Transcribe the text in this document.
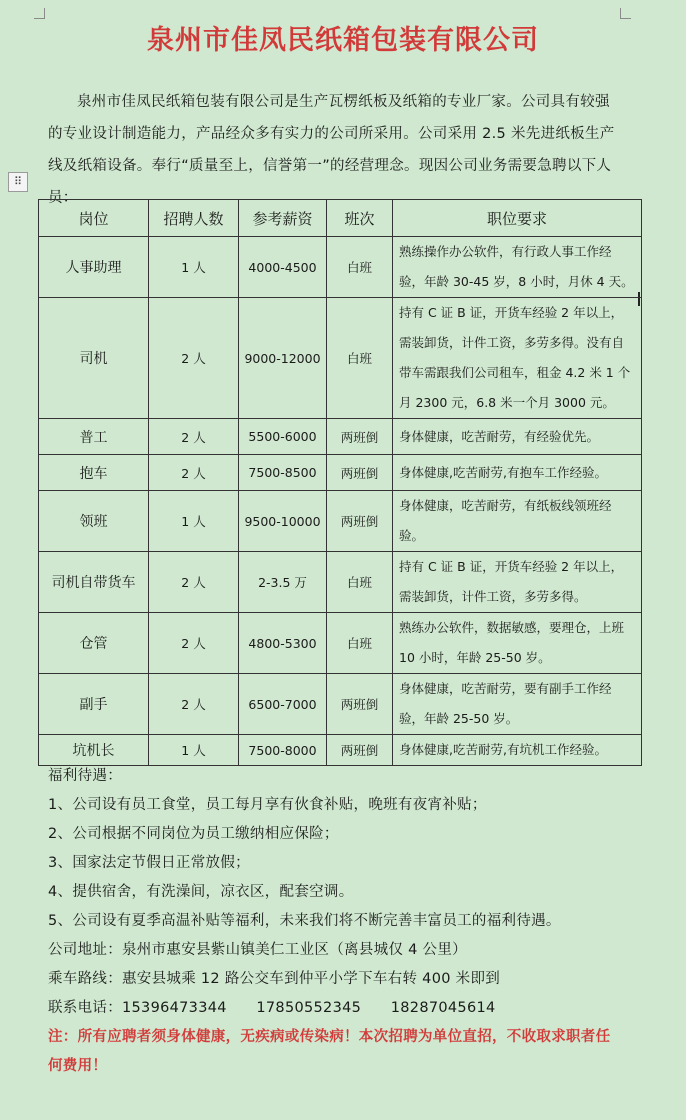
泉州市佳凤民纸箱包装有限公司

泉州市佳凤民纸箱包装有限公司是生产瓦楞纸板及纸箱的专业厂家。公司具有较强的专业设计制造能力，产品经众多有实力的公司所采用。公司采用 2.5 米先进纸板生产线及纸箱设备。奉行“质量至上，信誉第一”的经营理念。现因公司业务需要急聘以下人员：

⠿
岗位	招聘人数	参考薪资	班次	职位要求
人事助理	1 人	4000-4500	白班	熟练操作办公软件，有行政人事工作经验，年龄 30-45 岁，8 小时，月休 4 天。
司机	2 人	9000-12000	白班	持有 C 证 B 证，开货车经验 2 年以上，需装卸货，计件工资，多劳多得。没有自带车需跟我们公司租车，租金 4.2 米 1 个月 2300 元，6.8 米一个月 3000 元。
普工	2 人	5500-6000	两班倒	身体健康，吃苦耐劳，有经验优先。
抱车	2 人	7500-8500	两班倒	身体健康,吃苦耐劳,有抱车工作经验。
领班	1 人	9500-10000	两班倒	身体健康，吃苦耐劳，有纸板线领班经验。
司机自带货车	2 人	2-3.5 万	白班	持有 C 证 B 证，开货车经验 2 年以上，需装卸货，计件工资，多劳多得。
仓管	2 人	4800-5300	白班	熟练办公软件，数据敏感，要理仓，上班 10 小时，年龄 25-50 岁。
副手	2 人	6500-7000	两班倒	身体健康，吃苦耐劳，要有副手工作经验，年龄 25-50 岁。
坑机长	1 人	7500-8000	两班倒	身体健康,吃苦耐劳,有坑机工作经验。
福利待遇：
1、公司设有员工食堂，员工每月享有伙食补贴，晚班有夜宵补贴；
2、公司根据不同岗位为员工缴纳相应保险；
3、国家法定节假日正常放假；
4、提供宿舍，有洗澡间，凉衣区，配套空调。
5、公司设有夏季高温补贴等福利，未来我们将不断完善丰富员工的福利待遇。
公司地址：泉州市惠安县紫山镇美仁工业区（离县城仅 4 公里）
乘车路线：惠安县城乘 12 路公交车到仲平小学下车右转 400 米即到
联系电话：15396473344　　17850552345　　18287045614
注：所有应聘者须身体健康，无疾病或传染病！本次招聘为单位直招，不收取求职者任何费用！
